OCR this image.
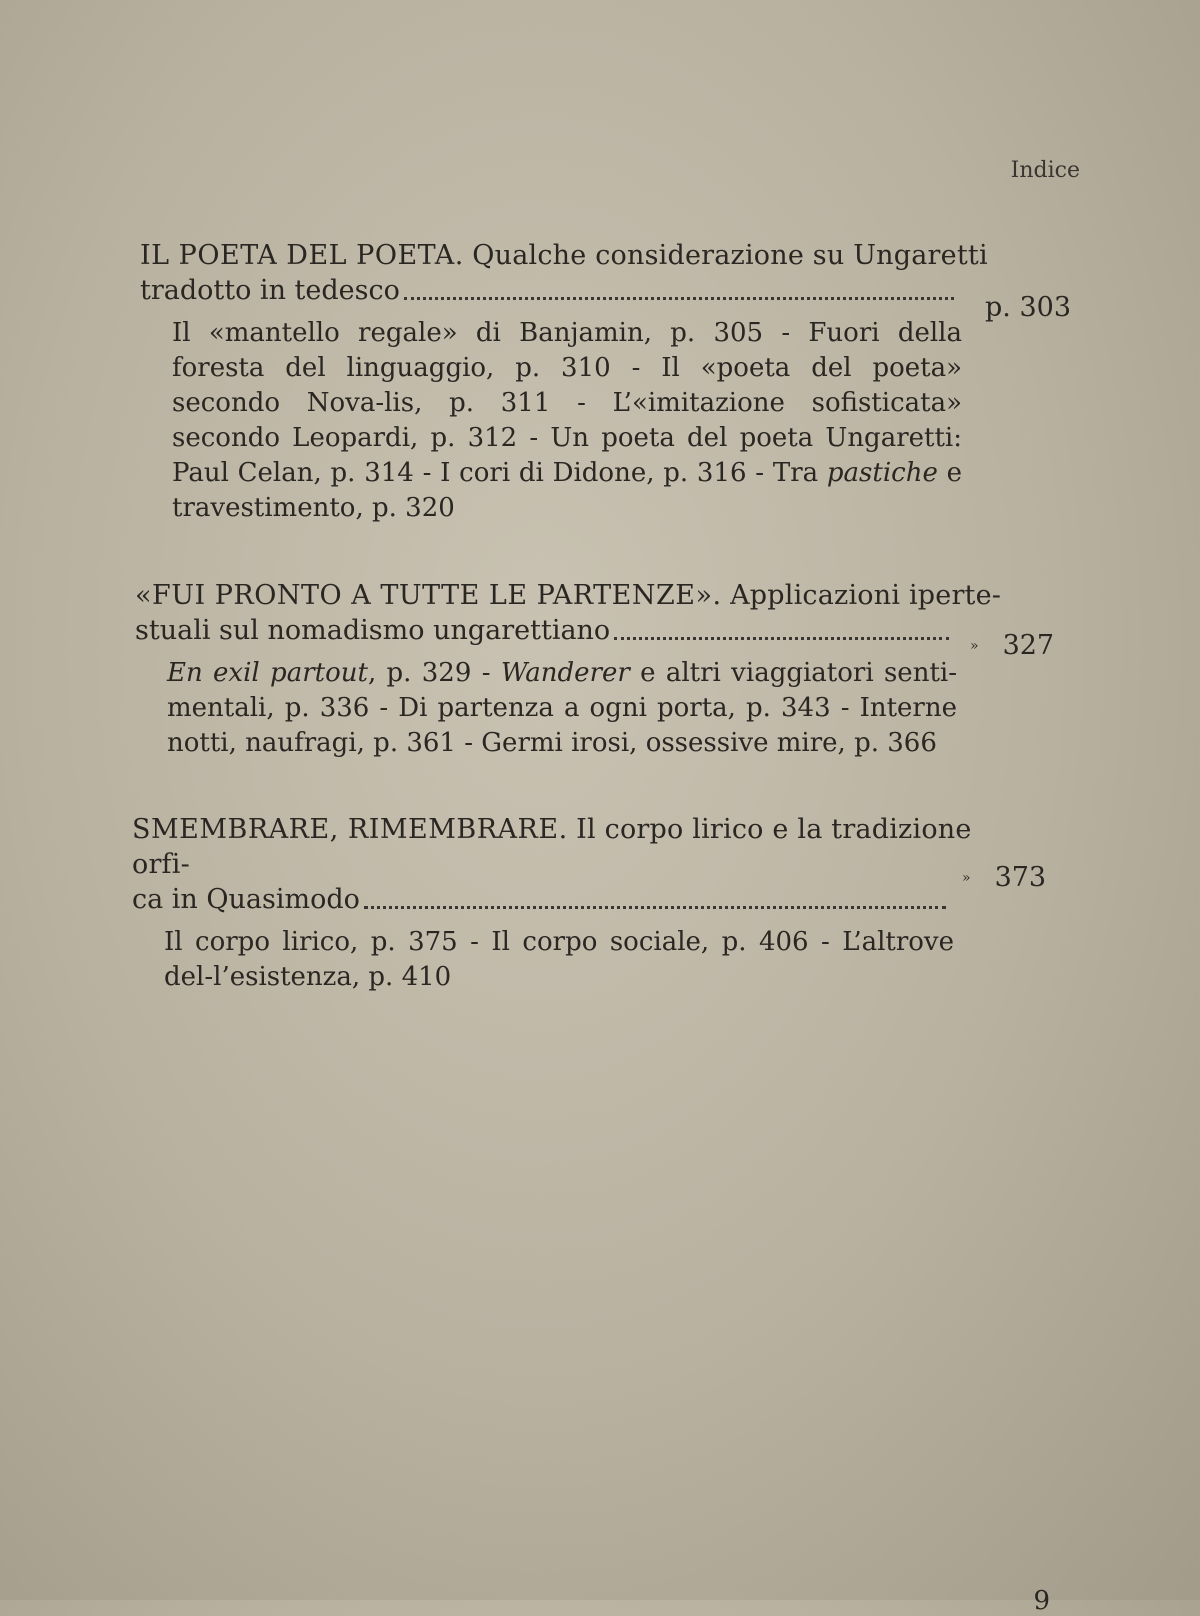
Indice
IL POETA DEL POETA. Qualche considerazione su Ungaretti
tradotto in tedesco
Il «mantello regale» di Banjamin, p. 305 - Fuori della foresta del linguaggio, p. 310 - Il «poeta del poeta» secondo Nova-lis, p. 311 - L’«imitazione sofisticata» secondo Leopardi, p. 312 - Un poeta del poeta Ungaretti: Paul Celan, p. 314 - I cori di Didone, p. 316 - Tra pastiche e travestimento, p. 320
p. 303
«FUI PRONTO A TUTTE LE PARTENZE». Applicazioni iperte-
stuali sul nomadismo ungarettiano
En exil partout, p. 329 - Wanderer e altri viaggiatori senti-mentali, p. 336 - Di partenza a ogni porta, p. 343 - Interne notti, naufragi, p. 361 - Germi irosi, ossessive mire, p. 366
» 327
SMEMBRARE, RIMEMBRARE. Il corpo lirico e la tradizione orfi-
ca in Quasimodo
Il corpo lirico, p. 375 - Il corpo sociale, p. 406 - L’altrove del-l’esistenza, p. 410
» 373
9
